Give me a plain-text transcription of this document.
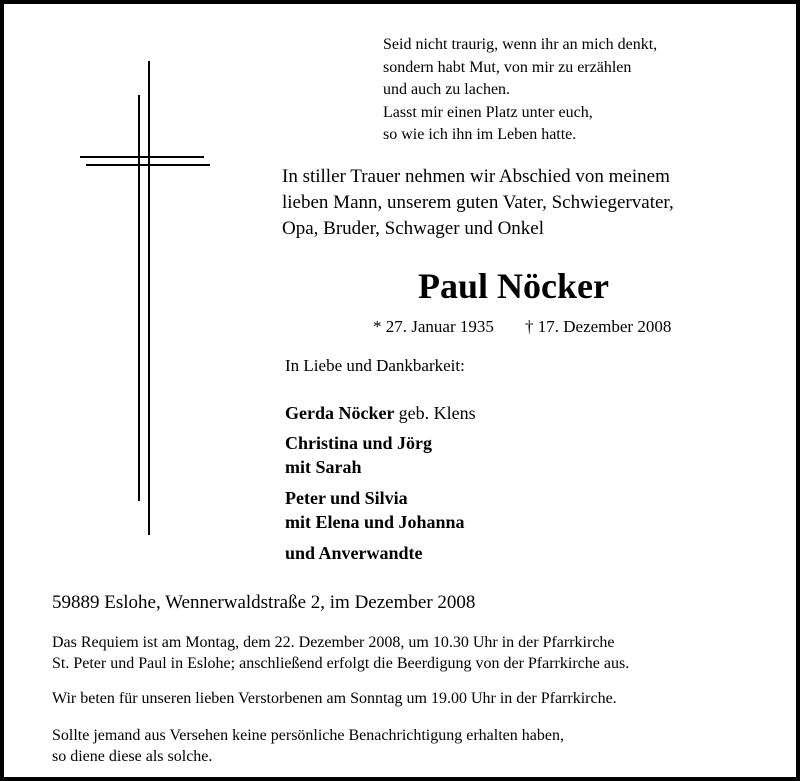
Seid nicht traurig, wenn ihr an mich denkt,
sondern habt Mut, von mir zu erzählen
und auch zu lachen.
Lasst mir einen Platz unter euch,
so wie ich ihn im Leben hatte.
In stiller Trauer nehmen wir Abschied von meinem
lieben Mann, unserem guten Vater, Schwiegervater,
Opa, Bruder, Schwager und Onkel
Paul Nöcker
* 27. Januar 1935 † 17. Dezember 2008
In Liebe und Dankbarkeit:
Gerda Nöcker geb. Klens
Christina und Jörg
mit Sarah
Peter und Silvia
mit Elena und Johanna
und Anverwandte
59889 Eslohe, Wennerwaldstraße 2, im Dezember 2008
Das Requiem ist am Montag, dem 22. Dezember 2008, um 10.30 Uhr in der Pfarrkirche
St. Peter und Paul in Eslohe; anschließend erfolgt die Beerdigung von der Pfarrkirche aus.
Wir beten für unseren lieben Verstorbenen am Sonntag um 19.00 Uhr in der Pfarrkirche.
Sollte jemand aus Versehen keine persönliche Benachrichtigung erhalten haben,
so diene diese als solche.
